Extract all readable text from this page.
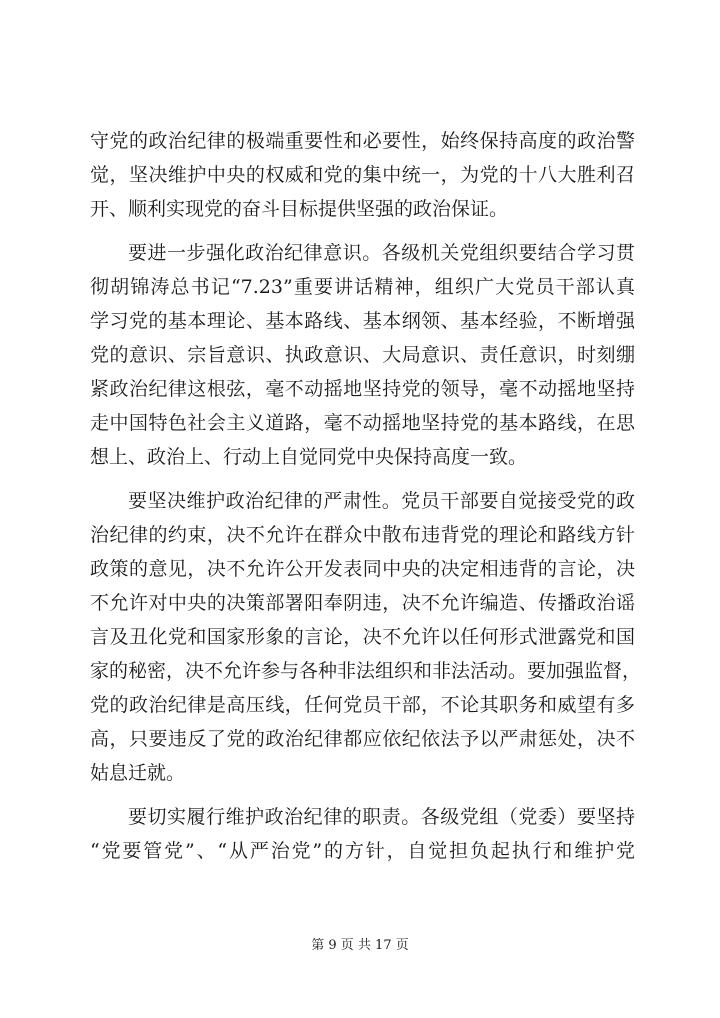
守党的政治纪律的极端重要性和必要性，始终保持高度的政治警
觉，坚决维护中央的权威和党的集中统一，为党的十八大胜利召
开、顺利实现党的奋斗目标提供坚强的政治保证。
要进一步强化政治纪律意识。各级机关党组织要结合学习贯
彻胡锦涛总书记“7.23”重要讲话精神，组织广大党员干部认真
学习党的基本理论、基本路线、基本纲领、基本经验，不断增强
党的意识、宗旨意识、执政意识、大局意识、责任意识，时刻绷
紧政治纪律这根弦，毫不动摇地坚持党的领导，毫不动摇地坚持
走中国特色社会主义道路，毫不动摇地坚持党的基本路线，在思
想上、政治上、行动上自觉同党中央保持高度一致。
要坚决维护政治纪律的严肃性。党员干部要自觉接受党的政
治纪律的约束，决不允许在群众中散布违背党的理论和路线方针
政策的意见，决不允许公开发表同中央的决定相违背的言论，决
不允许对中央的决策部署阳奉阴违，决不允许编造、传播政治谣
言及丑化党和国家形象的言论，决不允许以任何形式泄露党和国
家的秘密，决不允许参与各种非法组织和非法活动。要加强监督，
党的政治纪律是高压线，任何党员干部，不论其职务和威望有多
高，只要违反了党的政治纪律都应依纪依法予以严肃惩处，决不
姑息迁就。
要切实履行维护政治纪律的职责。各级党组（党委）要坚持
“党要管党”、“从严治党”的方针，自觉担负起执行和维护党
第 9 页 共 17 页
